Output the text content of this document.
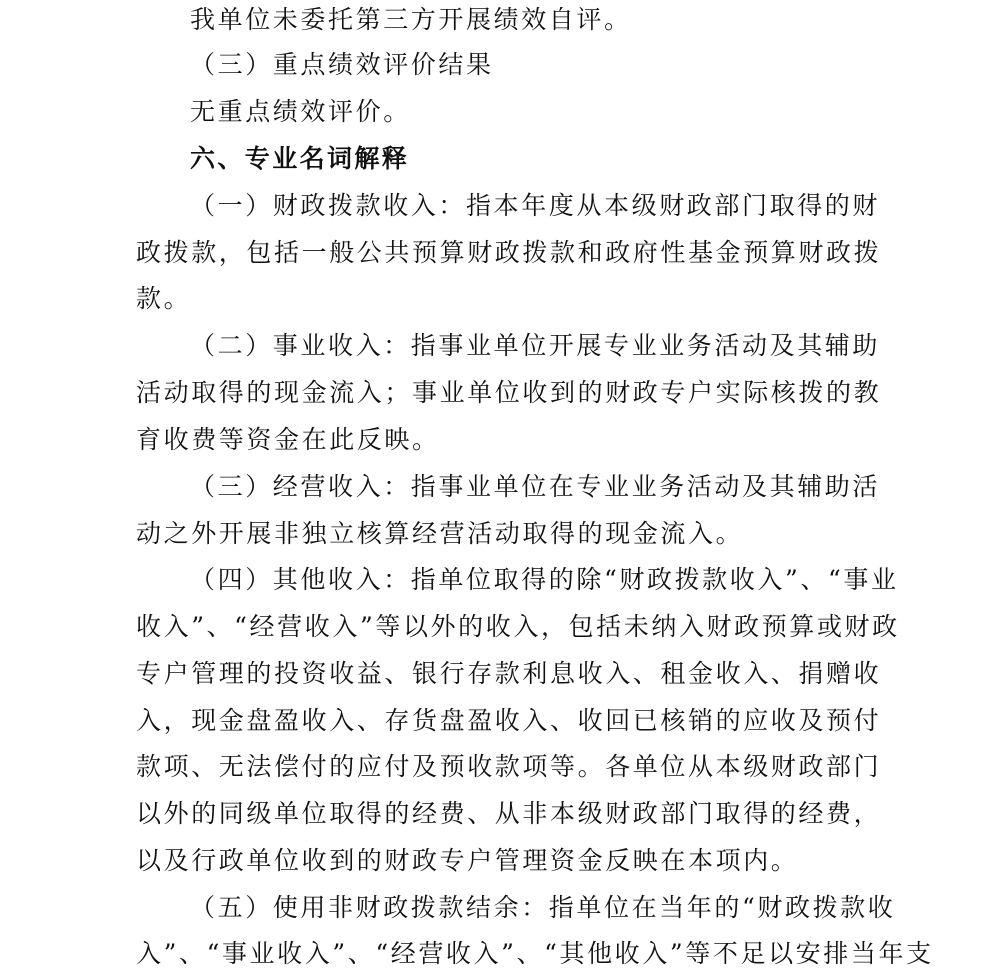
我单位未委托第三方开展绩效自评。
（三）重点绩效评价结果
无重点绩效评价。
六、专业名词解释
（一）财政拨款收入：指本年度从本级财政部门取得的财
政拨款，包括一般公共预算财政拨款和政府性基金预算财政拨
款。
（二）事业收入：指事业单位开展专业业务活动及其辅助
活动取得的现金流入；事业单位收到的财政专户实际核拨的教
育收费等资金在此反映。
（三）经营收入：指事业单位在专业业务活动及其辅助活
动之外开展非独立核算经营活动取得的现金流入。
（四）其他收入：指单位取得的除“财政拨款收入”、“事业
收入”、“经营收入”等以外的收入，包括未纳入财政预算或财政
专户管理的投资收益、银行存款利息收入、租金收入、捐赠收
入，现金盘盈收入、存货盘盈收入、收回已核销的应收及预付
款项、无法偿付的应付及预收款项等。各单位从本级财政部门
以外的同级单位取得的经费、从非本级财政部门取得的经费，
以及行政单位收到的财政专户管理资金反映在本项内。
（五）使用非财政拨款结余：指单位在当年的“财政拨款收
入”、“事业收入”、“经营收入”、“其他收入”等不足以安排当年支
